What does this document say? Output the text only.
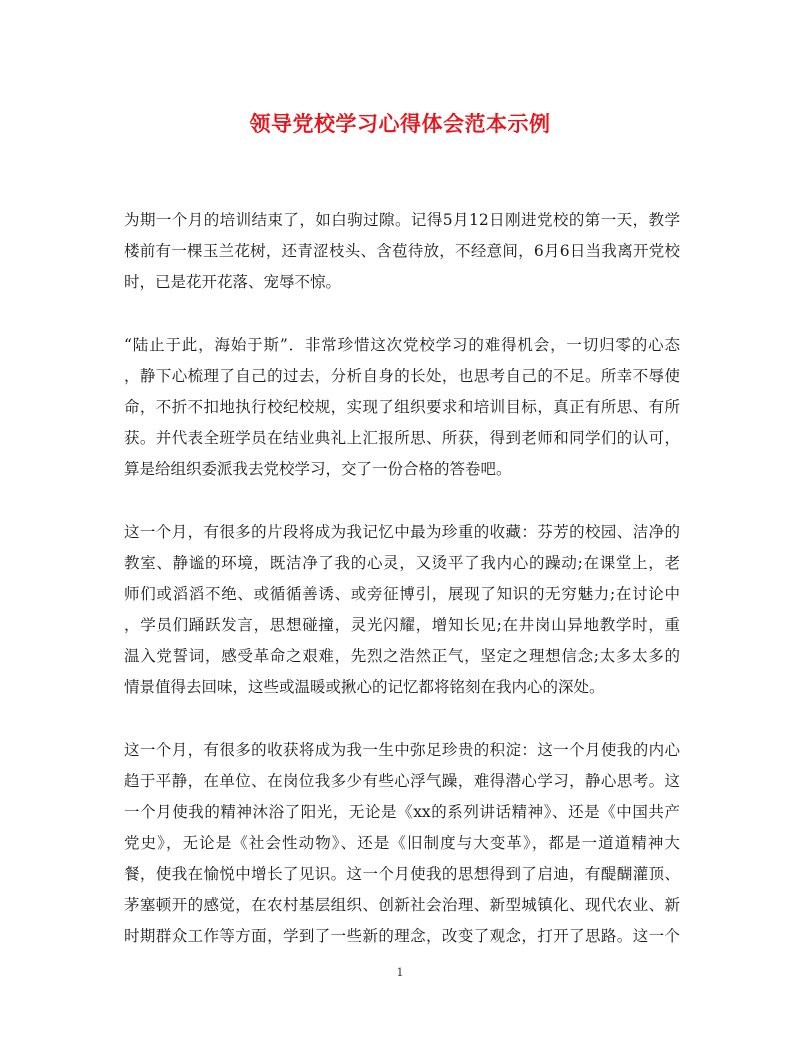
领导党校学习心得体会范本示例

为期一个月的培训结束了，如白驹过隙。记得5月12日刚进党校的第一天，教学
楼前有一棵玉兰花树，还青涩枝头、含苞待放，不经意间，6月6日当我离开党校
时，已是花开花落、宠辱不惊。

“陆止于此，海始于斯”．非常珍惜这次党校学习的难得机会，一切归零的心态
，静下心梳理了自己的过去，分析自身的长处，也思考自己的不足。所幸不辱使
命，不折不扣地执行校纪校规，实现了组织要求和培训目标，真正有所思、有所
获。并代表全班学员在结业典礼上汇报所思、所获，得到老师和同学们的认可，
算是给组织委派我去党校学习，交了一份合格的答卷吧。

这一个月，有很多的片段将成为我记忆中最为珍重的收藏：芬芳的校园、洁净的
教室、静谧的环境，既洁净了我的心灵，又烫平了我内心的躁动;在课堂上，老
师们或滔滔不绝、或循循善诱、或旁征博引，展现了知识的无穷魅力;在讨论中
，学员们踊跃发言，思想碰撞，灵光闪耀，增知长见;在井岗山异地教学时，重
温入党誓词，感受革命之艰难，先烈之浩然正气，坚定之理想信念;太多太多的
情景值得去回味，这些或温暖或揪心的记忆都将铭刻在我内心的深处。

这一个月，有很多的收获将成为我一生中弥足珍贵的积淀：这一个月使我的内心
趋于平静，在单位、在岗位我多少有些心浮气躁，难得潜心学习，静心思考。这
一个月使我的精神沐浴了阳光，无论是《xx的系列讲话精神》、还是《中国共产
党史》，无论是《社会性动物》、还是《旧制度与大变革》，都是一道道精神大
餐，使我在愉悦中增长了见识。这一个月使我的思想得到了启迪，有醍醐灌顶、
茅塞顿开的感觉，在农村基层组织、创新社会治理、新型城镇化、现代农业、新
时期群众工作等方面，学到了一些新的理念，改变了观念，打开了思路。这一个

1
